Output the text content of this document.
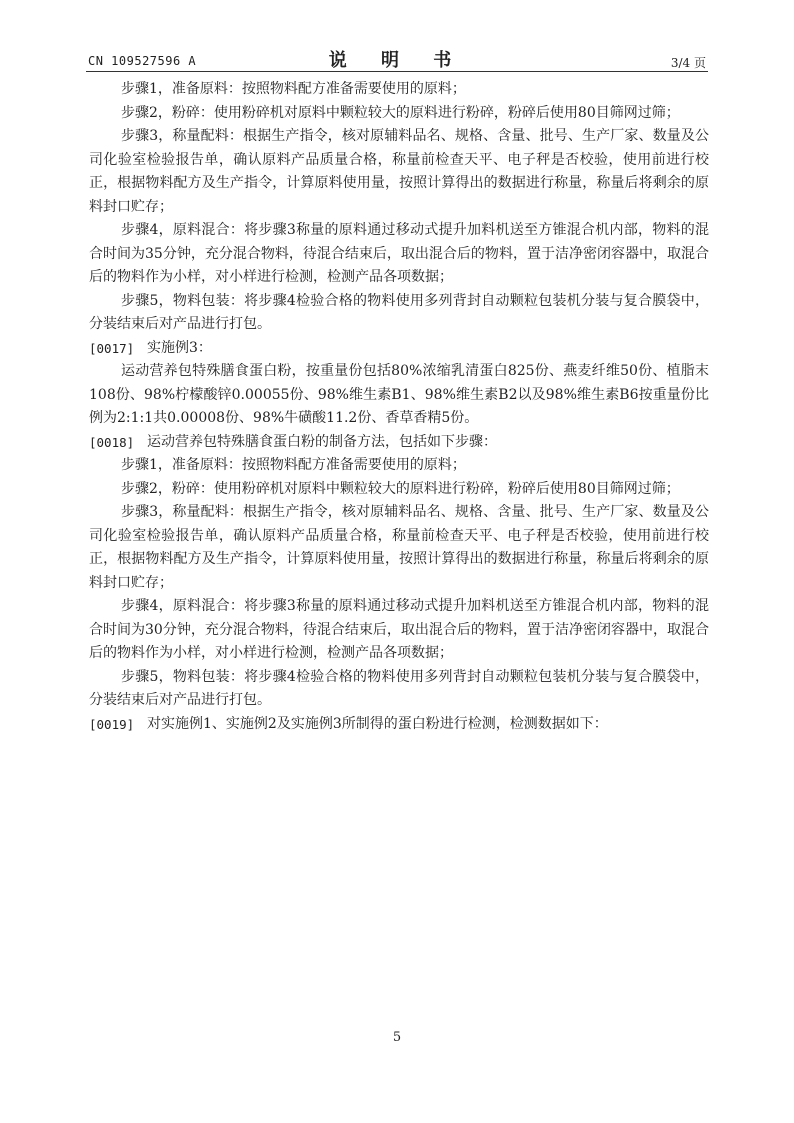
CN 109527596 A	说 明 书	3/4 页

步骤1，准备原料：按照物料配方准备需要使用的原料；

步骤2，粉碎：使用粉碎机对原料中颗粒较大的原料进行粉碎，粉碎后使用80目筛网过筛；

步骤3，称量配料：根据生产指令，核对原辅料品名、规格、含量、批号、生产厂家、数量及公司化验室检验报告单，确认原料产品质量合格，称量前检查天平、电子秤是否校验，使用前进行校正，根据物料配方及生产指令，计算原料使用量，按照计算得出的数据进行称量，称量后将剩余的原料封口贮存；

步骤4，原料混合：将步骤3称量的原料通过移动式提升加料机送至方锥混合机内部，物料的混合时间为35分钟，充分混合物料，待混合结束后，取出混合后的物料，置于洁净密闭容器中，取混合后的物料作为小样，对小样进行检测，检测产品各项数据；

步骤5，物料包装：将步骤4检验合格的物料使用多列背封自动颗粒包装机分装与复合膜袋中，分装结束后对产品进行打包。

[0017] 实施例3：

运动营养包特殊膳食蛋白粉，按重量份包括80%浓缩乳清蛋白825份、燕麦纤维50份、植脂末108份、98%柠檬酸锌0.00055份、98%维生素B1、98%维生素B2以及98%维生素B6按重量份比例为2:1:1共0.00008份、98%牛磺酸11.2份、香草香精5份。

[0018] 运动营养包特殊膳食蛋白粉的制备方法，包括如下步骤：

步骤1，准备原料：按照物料配方准备需要使用的原料；

步骤2，粉碎：使用粉碎机对原料中颗粒较大的原料进行粉碎，粉碎后使用80目筛网过筛；

步骤3，称量配料：根据生产指令，核对原辅料品名、规格、含量、批号、生产厂家、数量及公司化验室检验报告单，确认原料产品质量合格，称量前检查天平、电子秤是否校验，使用前进行校正，根据物料配方及生产指令，计算原料使用量，按照计算得出的数据进行称量，称量后将剩余的原料封口贮存；

步骤4，原料混合：将步骤3称量的原料通过移动式提升加料机送至方锥混合机内部，物料的混合时间为30分钟，充分混合物料，待混合结束后，取出混合后的物料，置于洁净密闭容器中，取混合后的物料作为小样，对小样进行检测，检测产品各项数据；

步骤5，物料包装：将步骤4检验合格的物料使用多列背封自动颗粒包装机分装与复合膜袋中，分装结束后对产品进行打包。

[0019] 对实施例1、实施例2及实施例3所制得的蛋白粉进行检测，检测数据如下：
5
